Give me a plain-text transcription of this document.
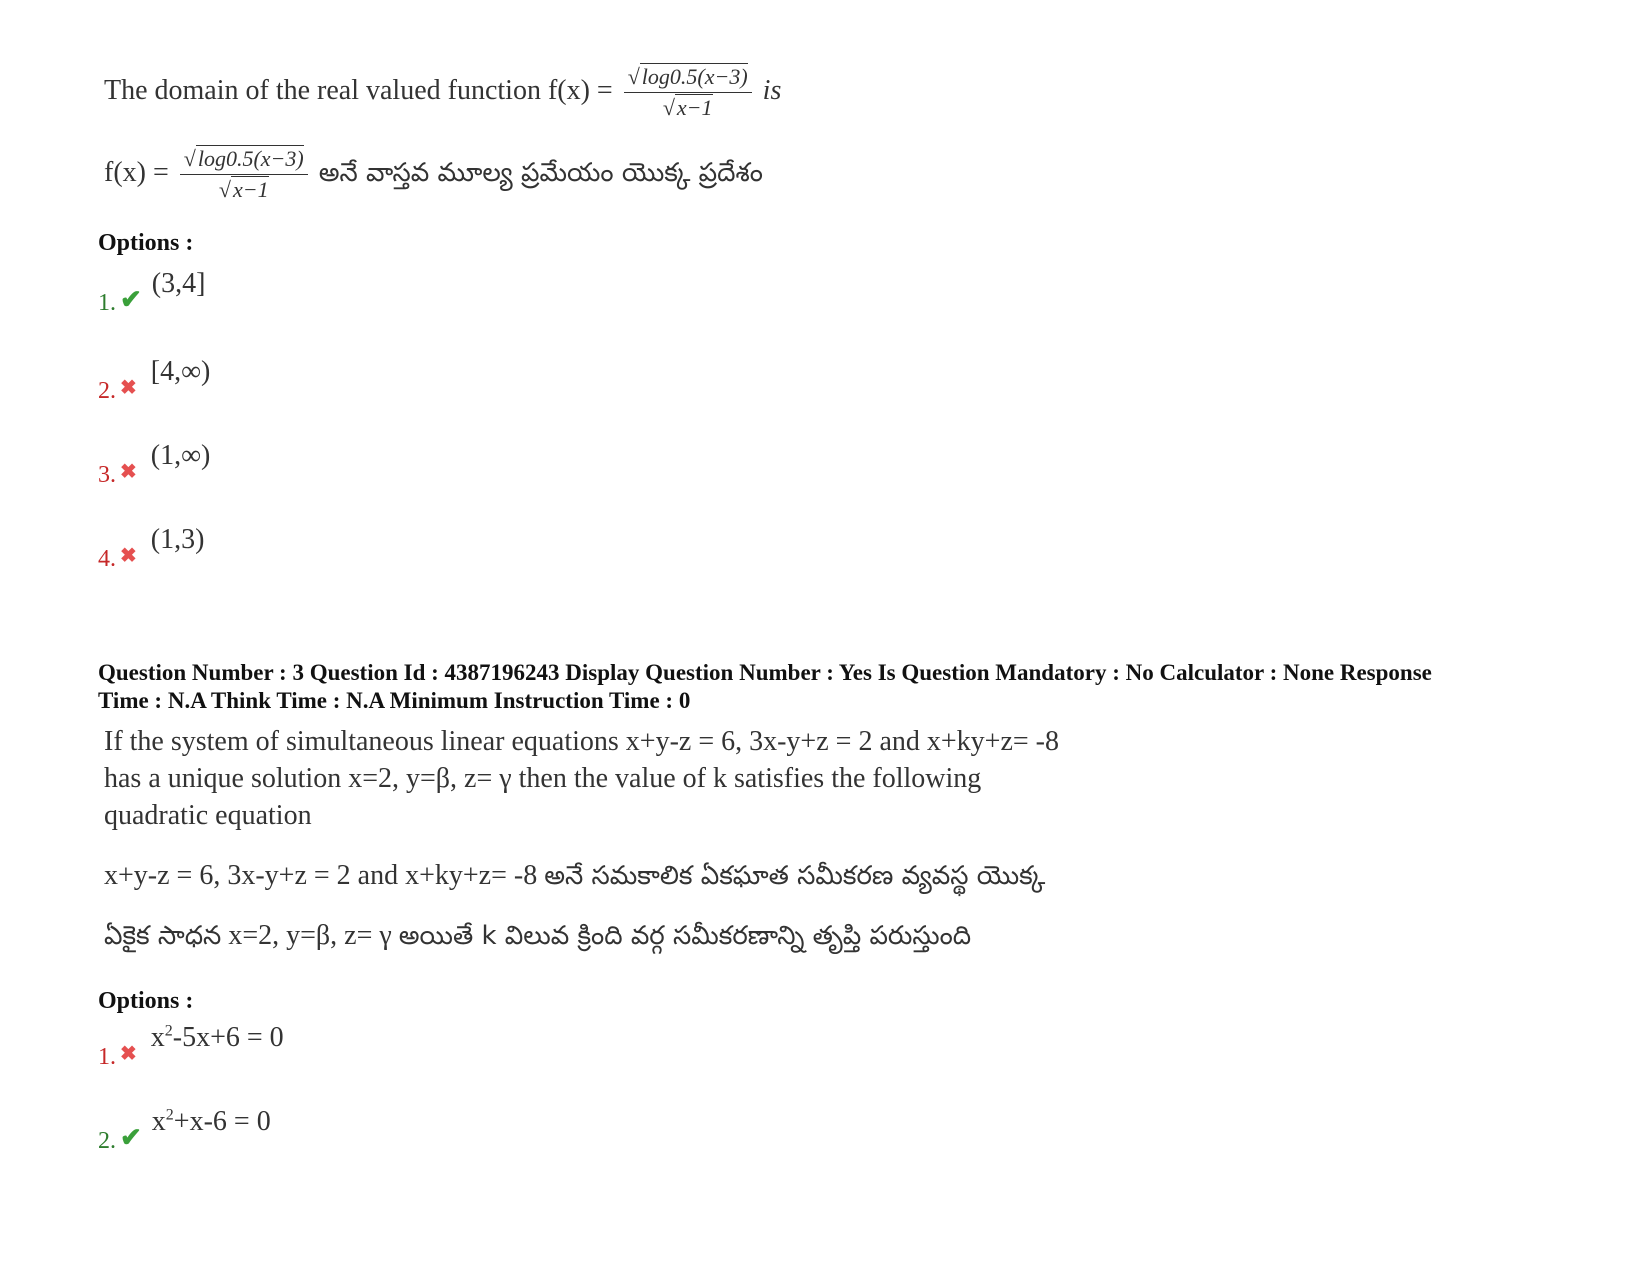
The domain of the real valued function $f(x) = \frac{√\log 0.5(x-3)}{√x-1}$ is
$f(x) = \frac{√\log 0.5(x-3)}{√x-1}$ అనే వాస్తవ మూల్య ప్రమేయం యొక్క ప్రదేశం
Options :
1. ✔ (3,4]
2. ✖ [4,∞)
3. ✖ (1,∞)
4. ✖ (1,3)
Question Number : 3 Question Id : 4387196243 Display Question Number : Yes Is Question Mandatory : No Calculator : None Response
Time : N.A Think Time : N.A Minimum Instruction Time : 0
If the system of simultaneous linear equations x+y-z = 6, 3x-y+z = 2 and x+ky+z= -8
has a unique solution x=2, y=β, z= γ then the value of k satisfies the following
quadratic equation
x+y-z = 6, 3x-y+z = 2 and x+ky+z= -8 అనే సమకాలిక ఏకఘాత సమీకరణ వ్యవస్థ యొక్క
ఏకైక సాధన x=2, y=β, z= γ అయితే k విలువ క్రింది వర్గ సమీకరణాన్ని తృప్తి పరుస్తుంది
Options :
1. ✖ $x^2-5x+6 = 0$
2. ✔ $x^2+x-6 = 0$
